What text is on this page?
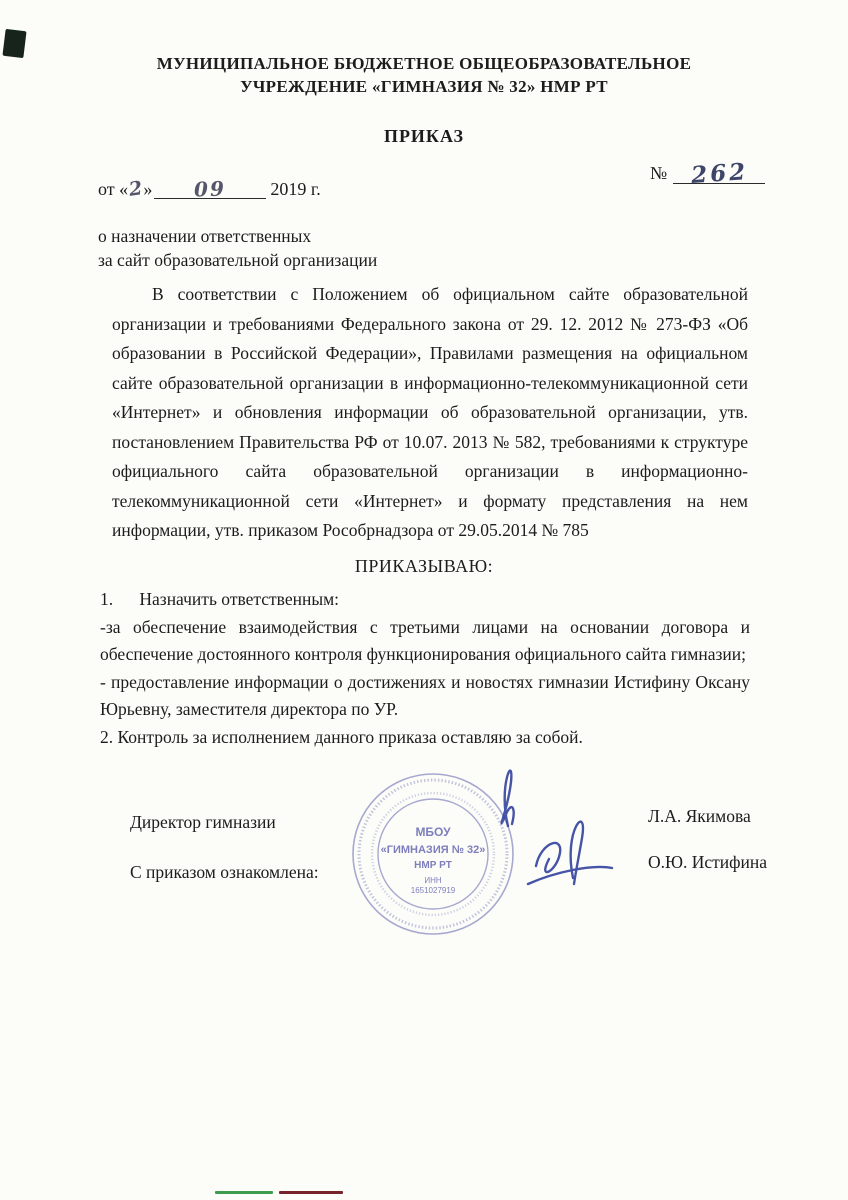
МУНИЦИПАЛЬНОЕ БЮДЖЕТНОЕ ОБЩЕОБРАЗОВАТЕЛЬНОЕ
УЧРЕЖДЕНИЕ «ГИМНАЗИЯ № 32» НМР РТ
ПРИКАЗ
№ 262
от «2» 09 2019 г.
о назначении ответственных
за сайт образовательной организации
В соответствии с Положением об официальном сайте образовательной организации и требованиями Федерального закона от 29. 12. 2012 № 273-ФЗ «Об образовании в Российской Федерации», Правилами размещения на официальном сайте образовательной организации в информационно-телекоммуникационной сети «Интернет» и обновления информации об образовательной организации, утв. постановлением Правительства РФ от 10.07. 2013 № 582, требованиями к структуре официального сайта образовательной организации в информационно-телекоммуникационной сети «Интернет» и формату представления на нем информации, утв. приказом Рособрнадзора от 29.05.2014 № 785
ПРИКАЗЫВАЮ:

1.      Назначить ответственным:

-за обеспечение взаимодействия с третьими лицами на основании договора и обеспечение достоянного контроля функционирования официального сайта гимназии;

- предоставление информации о достижениях и новостях гимназии Истифину Оксану Юрьевну, заместителя директора по УР.

2. Контроль за исполнением данного приказа оставляю за собой.

Директор гимназии	Л.А. Якимова
С приказом ознакомлена:	О.Ю. Истифина
МБОУ
«ГИМНАЗИЯ № 32»
НМР РТ
ИНН
1651027919
